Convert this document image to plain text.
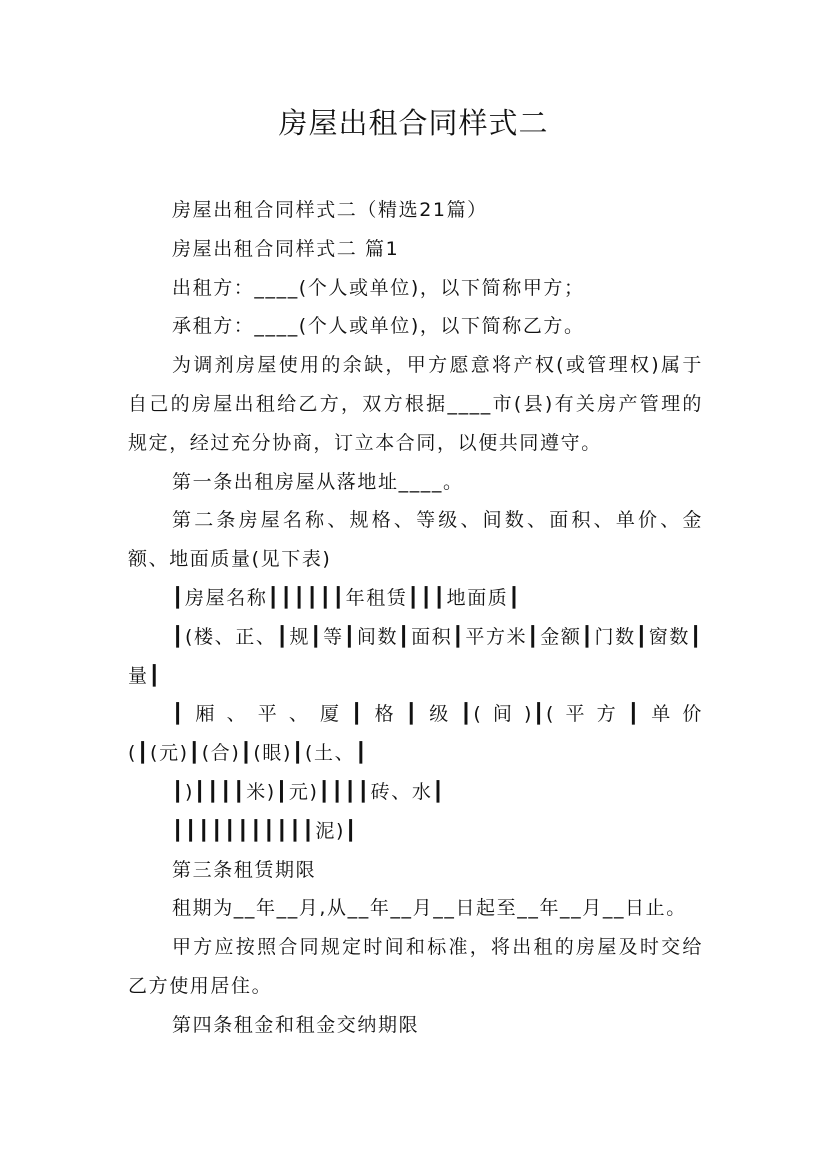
房屋出租合同样式二

房屋出租合同样式二（精选21篇）

房屋出租合同样式二 篇1

出租方：____(个人或单位)，以下简称甲方；

承租方：____(个人或单位)，以下简称乙方。

为调剂房屋使用的余缺，甲方愿意将产权(或管理权)属于自己的房屋出租给乙方，双方根据____市(县)有关房产管理的规定，经过充分协商，订立本合同，以便共同遵守。

第一条出租房屋从落地址____。

第二条房屋名称、规格、等级、间数、面积、单价、金额、地面质量(见下表)

┃房屋名称┃┃┃┃┃┃年租赁┃┃┃地面质┃

┃(楼、正、┃规┃等┃间数┃面积┃平方米┃金额┃门数┃窗数┃量┃

┃厢、平、厦┃格┃级┃(间)┃(平方┃单价(┃(元)┃(合)┃(眼)┃(土、┃

┃)┃┃┃┃米)┃元)┃┃┃┃砖、水┃

┃┃┃┃┃┃┃┃┃┃┃泥)┃

第三条租赁期限

租期为__年__月,从__年__月__日起至__年__月__日止。

甲方应按照合同规定时间和标准，将出租的房屋及时交给乙方使用居住。

第四条租金和租金交纳期限
